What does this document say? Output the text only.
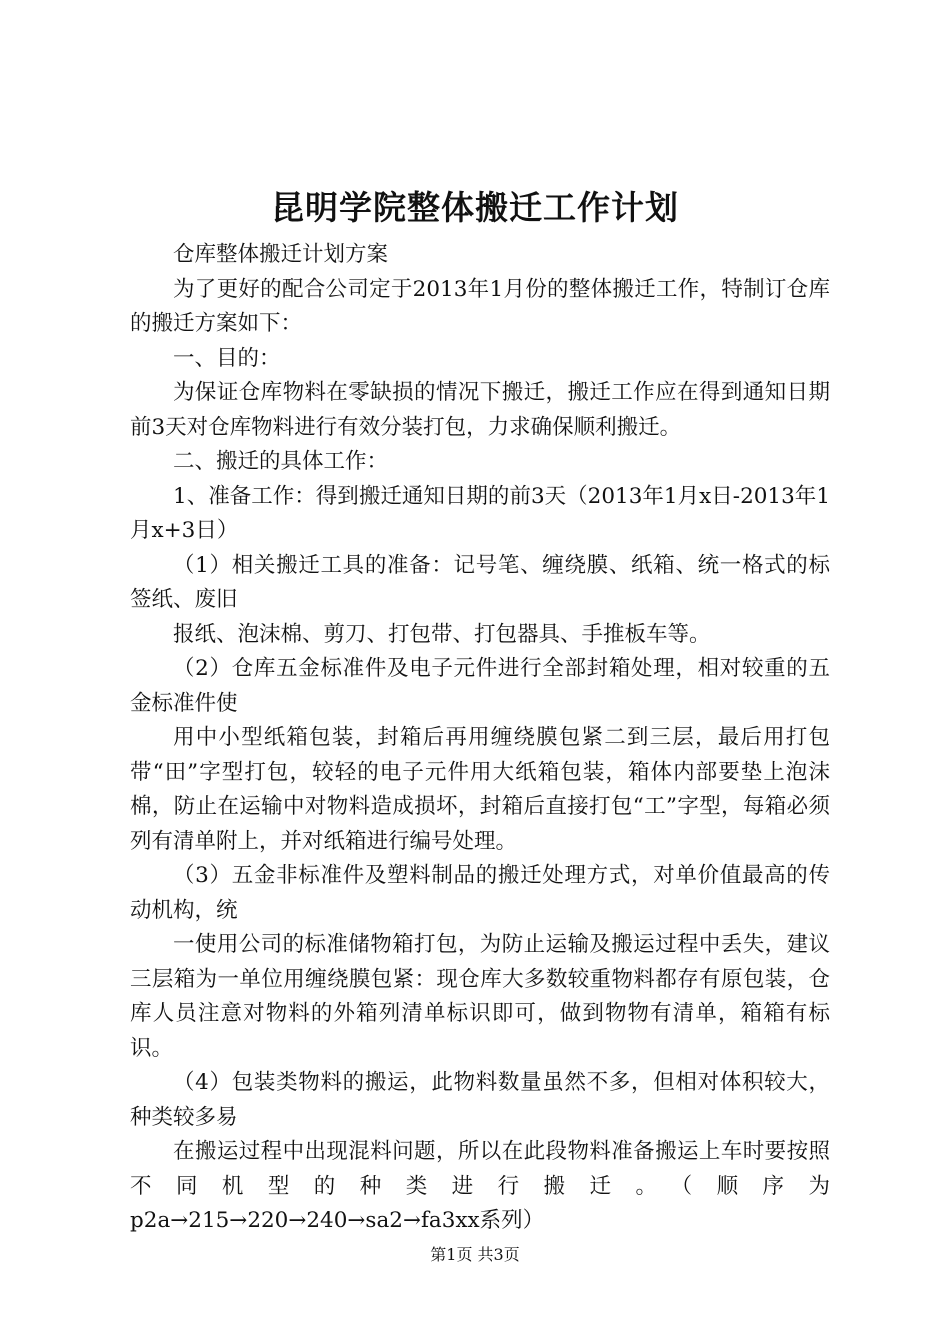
昆明学院整体搬迁工作计划

仓库整体搬迁计划方案

为了更好的配合公司定于2013年1月份的整体搬迁工作，特制订仓库的搬迁方案如下：

一、目的：

为保证仓库物料在零缺损的情况下搬迁，搬迁工作应在得到通知日期前3天对仓库物料进行有效分装打包，力求确保顺利搬迁。

二、搬迁的具体工作：

1、准备工作：得到搬迁通知日期的前3天（2013年1月x日-2013年1月x+3日）

（1）相关搬迁工具的准备：记号笔、缠绕膜、纸箱、统一格式的标签纸、废旧

报纸、泡沫棉、剪刀、打包带、打包器具、手推板车等。

（2）仓库五金标准件及电子元件进行全部封箱处理，相对较重的五金标准件使

用中小型纸箱包装，封箱后再用缠绕膜包紧二到三层，最后用打包带“田”字型打包，较轻的电子元件用大纸箱包装，箱体内部要垫上泡沫棉，防止在运输中对物料造成损坏，封箱后直接打包“工”字型，每箱必须列有清单附上，并对纸箱进行编号处理。

（3）五金非标准件及塑料制品的搬迁处理方式，对单价值最高的传动机构，统

一使用公司的标准储物箱打包，为防止运输及搬运过程中丢失，建议三层箱为一单位用缠绕膜包紧：现仓库大多数较重物料都存有原包装，仓库人员注意对物料的外箱列清单标识即可，做到物物有清单，箱箱有标识。

（4）包装类物料的搬运，此物料数量虽然不多，但相对体积较大，种类较多易

在搬运过程中出现混料问题，所以在此段物料准备搬运上车时要按照不同机型的种类进行搬迁。（顺序为

p2a→215→220→240→sa2→fa3xx系列）

第1页 共3页
